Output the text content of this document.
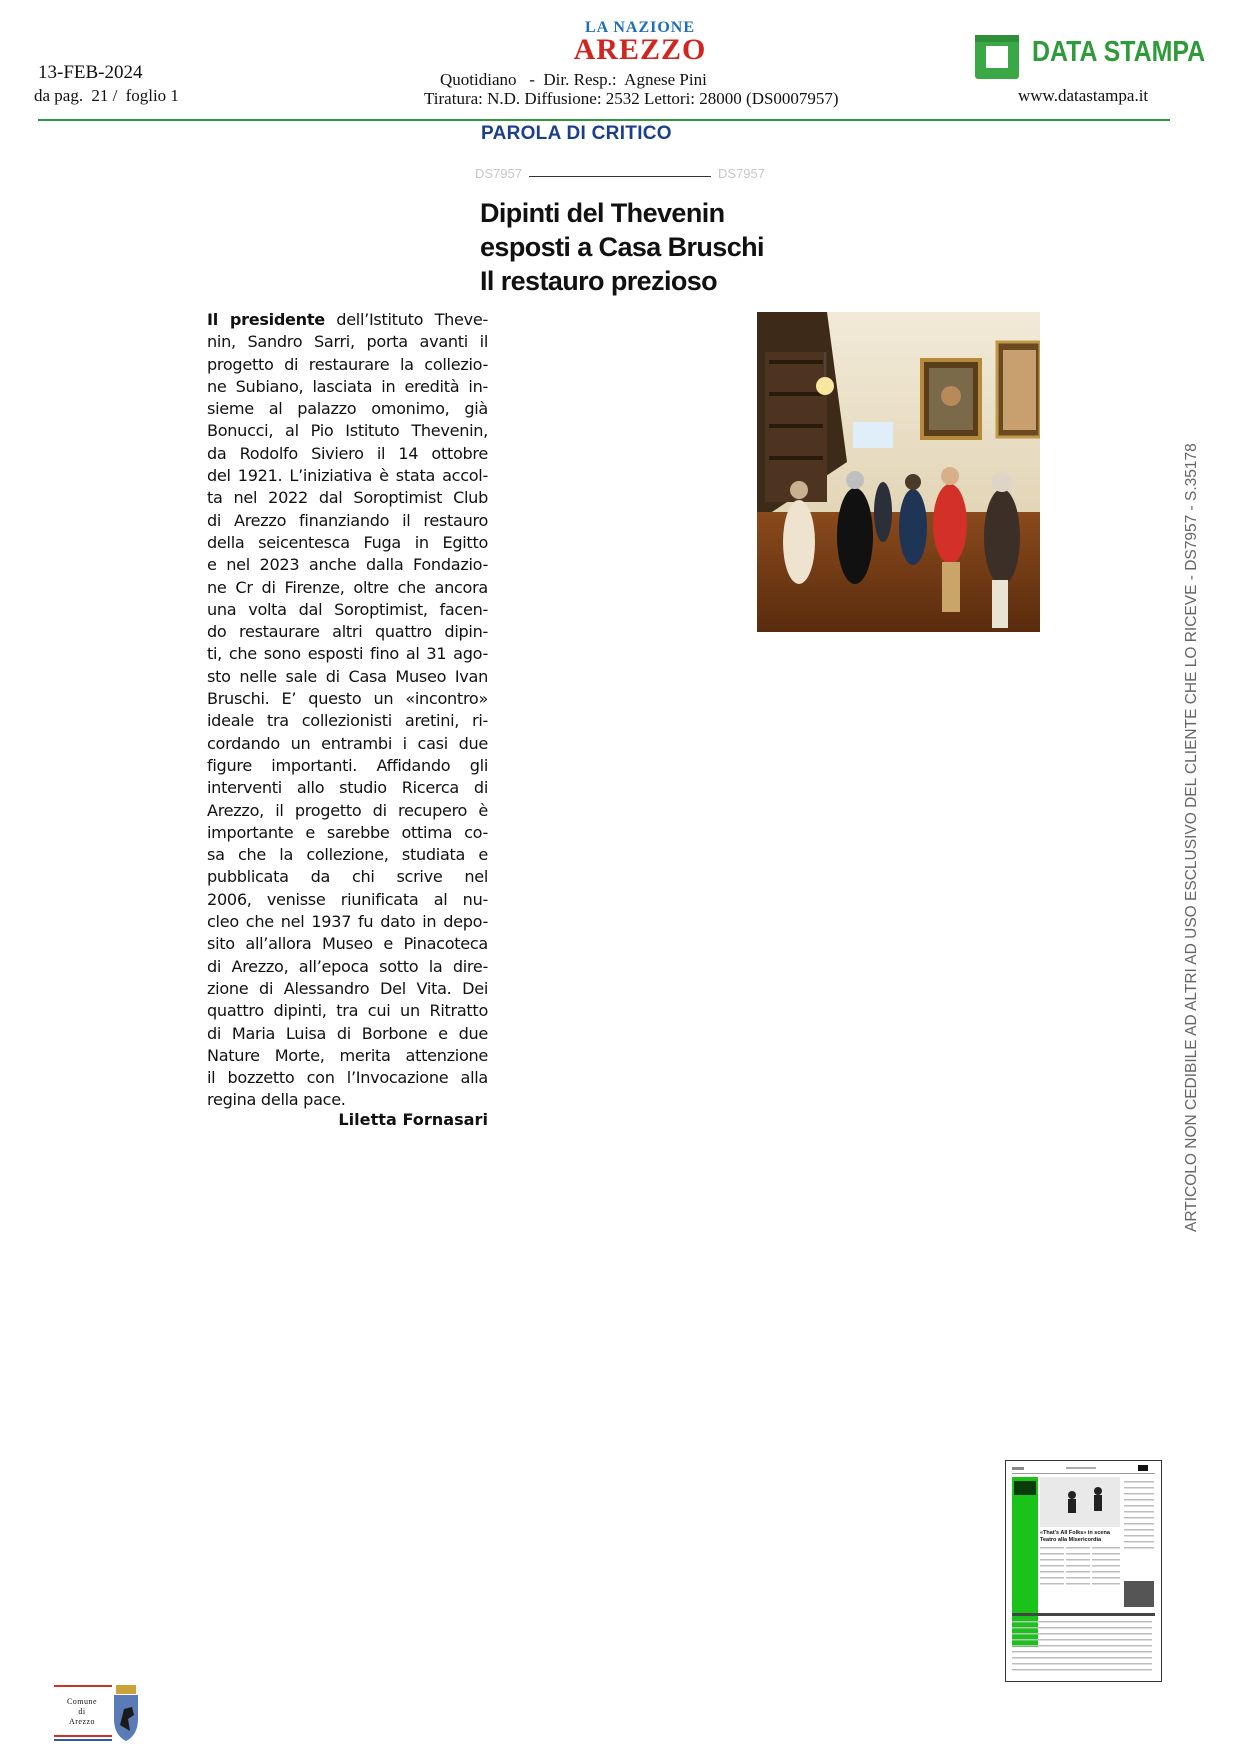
13-FEB-2024
da pag. 21 / foglio 1
LA NAZIONE
AREZZO
Quotidiano   -  Dir. Resp.:  Agnese Pini
Tiratura: N.D. Diffusione: 2532 Lettori: 28000 (DS0007957)
DATA STAMPA
www.datastampa.it
PAROLA DI CRITICO
DS7957	DS7957
Dipinti del Thevenin
esposti a Casa Bruschi
Il restauro prezioso
Il presidente dell’Istituto Theve-
nin, Sandro Sarri, porta avanti il
progetto di restaurare la collezio-
ne Subiano, lasciata in eredità in-
sieme al palazzo omonimo, già
Bonucci, al Pio Istituto Thevenin,
da Rodolfo Siviero il 14 ottobre
del 1921. L’iniziativa è stata accol-
ta nel 2022 dal Soroptimist Club
di Arezzo finanziando il restauro
della seicentesca Fuga in Egitto
e nel 2023 anche dalla Fondazio-
ne Cr di Firenze, oltre che ancora
una volta dal Soroptimist, facen-
do restaurare altri quattro dipin-
ti, che sono esposti fino al 31 ago-
sto nelle sale di Casa Museo Ivan
Bruschi. E’ questo un «incontro»
ideale tra collezionisti aretini, ri-
cordando un entrambi i casi due
figure importanti. Affidando gli
interventi allo studio Ricerca di
Arezzo, il progetto di recupero è
importante e sarebbe ottima co-
sa che la collezione, studiata e
pubblicata da chi scrive nel
2006, venisse riunificata al nu-
cleo che nel 1937 fu dato in depo-
sito all’allora Museo e Pinacoteca
di Arezzo, all’epoca sotto la dire-
zione di Alessandro Del Vita. Dei
quattro dipinti, tra cui un Ritratto
di Maria Luisa di Borbone e due
Nature Morte, merita attenzione
il bozzetto con l’Invocazione alla
regina della pace.
Liletta Fornasari	ARTICOLO NON CEDIBILE AD ALTRI AD USO ESCLUSIVO DEL CLIENTE CHE LO RICEVE - DS7957 - S.35178
«That's All Folks» in scena
Teatro alla Misericordia
Comune
di
Arezzo
